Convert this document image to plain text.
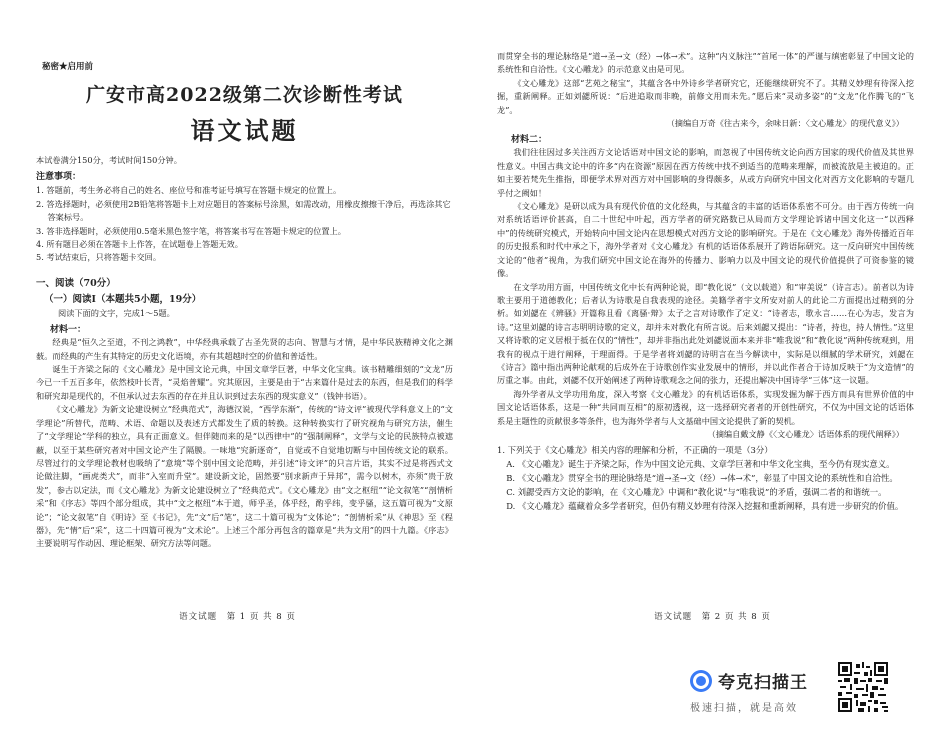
秘密★启用前
广安市高2022级第二次诊断性考试
语文试题
本试卷满分150分，考试时间150分钟。
注意事项：

1. 答题前，考生务必将自己的姓名、座位号和准考证号填写在答题卡规定的位置上。

2. 答选择题时，必须使用2B铅笔将答题卡上对应题目的答案标号涂黑，如需改动，用橡皮擦擦干净后，再选涂其它答案标号。

3. 答非选择题时，必须使用0.5毫米黑色签字笔，将答案书写在答题卡规定的位置上。

4. 所有题目必须在答题卡上作答，在试题卷上答题无效。

5. 考试结束后，只将答题卡交回。

一、阅读（70分）
（一）阅读Ⅰ（本题共5小题，19分）
阅读下面的文字，完成1～5题。
材料一：

经典是“恒久之至道，不刊之鸿教”，中华经典承载了古圣先贤的志向、智慧与才情，是中华民族精神文化之渊薮。而经典的产生有其特定的历史文化语境，亦有其超越时空的价值和普适性。

诞生于齐梁之际的《文心雕龙》是中国文论元典，中国文章学巨著，中华文化宝典。该书精雕细刻的“文龙”历今已一千五百多年，依然枝叶长青，“灵焰普耀”。究其原因，主要是由于“古来篇什是过去的东西，但是我们的科学和研究却是现代的，不但承认过去东西的存在并且认识到过去东西的现实意义”（钱钟书语）。

《文心雕龙》为新文论建设树立“经典范式”，海德汉说，“西学东渐”，传统的“诗文评”被现代学科意义上的“文学理论”所替代，范畴、术语、命题以及表述方式都发生了质的转换。这种转换实行了研究视角与研究方法，催生了“文学理论”学科的独立，具有正面意义。但伴随而来的是“以西律中”的“强制阐释”，文学与文论的民族特点被遮蔽，以至于某些研究者对中国文论产生了隔膜。一味地“究新逐奇”，自觉或不自觉地切断与中国传统文论的联系。尽管过行的文学理论教材也吸纳了“意境”等个别中国文论范畴，并引述“诗文评”的只言片语，其实不过是将西式文论做注脚，“画虎类犬”，而非“入室而升堂”。建设新文论，固然要“别求新声于异邦”，需今以树木，亦须“贵于放发”，参古以定法，而《文心雕龙》为新文论建设树立了“经典范式”。《文心雕龙》由“文之枢纽”“论文叙笔”“剖情析采”和《序志》等四个部分组成，其中“文之枢纽”本于道，师乎圣，体乎经，酌乎纬，变乎骚，这五篇可视为“文原论”；“论文叙笔”自《明诗》至《书记》，先“文”后“笔”，这二十篇可视为“文体论”；“剖情析采”从《神思》至《程器》，先“情”后“采”，这二十四篇可视为“文术论”。上述三个部分再包含的篇章是“共为文用”的四十九篇。《序志》主要说明写作动因、理论框架、研究方法等问题。

语文试题　第 1 页 共 8 页

而贯穿全书的理论脉络是“道→圣→文（经）→体→术”。这种“内义脉注”“首尾一体”的严谨与缜密彰显了中国文论的系统性和自洽性。《文心雕龙》的示范意义由是可见。

《文心雕龙》这部“艺苑之秘宝”，其蕴含各中外诗乡学者研究它，还能继续研究不了。其精义妙理有待深入挖掘，重新阐释。正如刘勰所说：“后进追取而非晚，前修文用而未先。”愿后来“灵动多姿”的“文龙”化作腾飞的“飞龙”。

（摘编自万奇《往古来今，余味日新：〈文心雕龙〉的现代意义》）
材料二：

我们往往因过多关注西方文论话语对中国文论的影响，而忽视了中国传统文论向西方国家的现代价值及其世界性意义。中国古典文论中的许多“内在资源”原因在西方传统中找不到适当的范畴来理解，而被流放是主被迫的。正如主要若梵先生推指，即便学术界对西方对中国影响的身得颇多，从或方向研究中国文化对西方文化影响的专题几乎付之阙如！

《文心雕龙》是研以成为具有现代价值的文化经典，与其蕴含的丰富的话语体系密不可分。由于西方传统一向对系统话语评价甚高，自二十世纪中叶起，西方学者的研究路数已从局而方文学理论诉诸中国文化这一“以西释中”的传统研究模式，开始转向中国文论内在思想模式对西方文论的影响研究。于是在《文心雕龙》海外传播近百年的历史报系和时代中承之下，海外学者对《文心雕龙》有机的话语体系展开了跨语际研究。这一反向研究中国传统文论的“他者”视角，为我们研究中国文论在海外的传播力、影响力以及中国文论的现代价值提供了可资参鉴的镜像。

在文学功用方面，中国传统文化中长有两种论说，即“教化说”（文以载道）和“审美说”（诗言志）。前者以为诗歌主要用于道德教化；后者认为诗歌是自我表现的途径。美籍学者宇文所安对前人的此论二方面提出过精到的分析。如刘勰在《辨骚》开篇称且看《离骚·辩》太子之言对诗歌作了定义：“诗者志，歌永言……在心为志，发言为诗。”这里刘勰的诗言志明明诗歌的定义，却并未对教化有所言说。后来刘勰又提出：“诗者，持也，持人情性。”这里又将诗歌的定义居根于抵在仅的“情性”，却并非指出此处刘勰说面本来并非“唯我说”和“教化说”两种传统观到，用我有的视点于进行阐释，于理面得。于是学者将刘勰的诗明言在当今解读中，实际是以细腻的学术研究，刘勰在《诗言》篇中指出两种论献观的后成外在于诗歌创作实业发展中的情形，并以此作者合于诗加反映于“为文造情”的厉重之事。由此，刘勰不仅开始阐述了两种诗歌观念之间的张力，还提出解决中国诗学“三体”这一议题。

海外学者从文学功用角度，深入考察《文心雕龙》的有机话语体系，实现发掘为解于西方而具有世界价值的中国文论话语体系，这是一种“共同而互相”的原初透视，这一选择研究者者的开创性研究，不仅为中国文论的话语体系是主题性的贡献很多等条件，也为海外学者与人文基础中国文论提供了新的契机。

（摘编自戴文静《〈文心雕龙〉话语体系的现代阐释》）

1. 下列关于《文心雕龙》相关内容的理解和分析，不正确的一项是（3分）

A. 《文心雕龙》诞生于齐梁之际，作为中国文论元典、文章学巨著和中华文化宝典，至今仍有现实意义。

B. 《文心雕龙》贯穿全书的理论脉络是“道→圣→文（经）→体→术”，彰显了中国文论的系统性和自洽性。

C. 刘勰受西方文论的影响，在《文心雕龙》中调和“教化说”与“唯我说”的矛盾，强调二者的和谐统一。

D. 《文心雕龙》蕴藏着众多学者研究，但仍有精义妙理有待深入挖掘和重新阐释，具有进一步研究的价值。

语文试题　第 2 页 共 8 页
夸克扫描王
极速扫描，就是高效
